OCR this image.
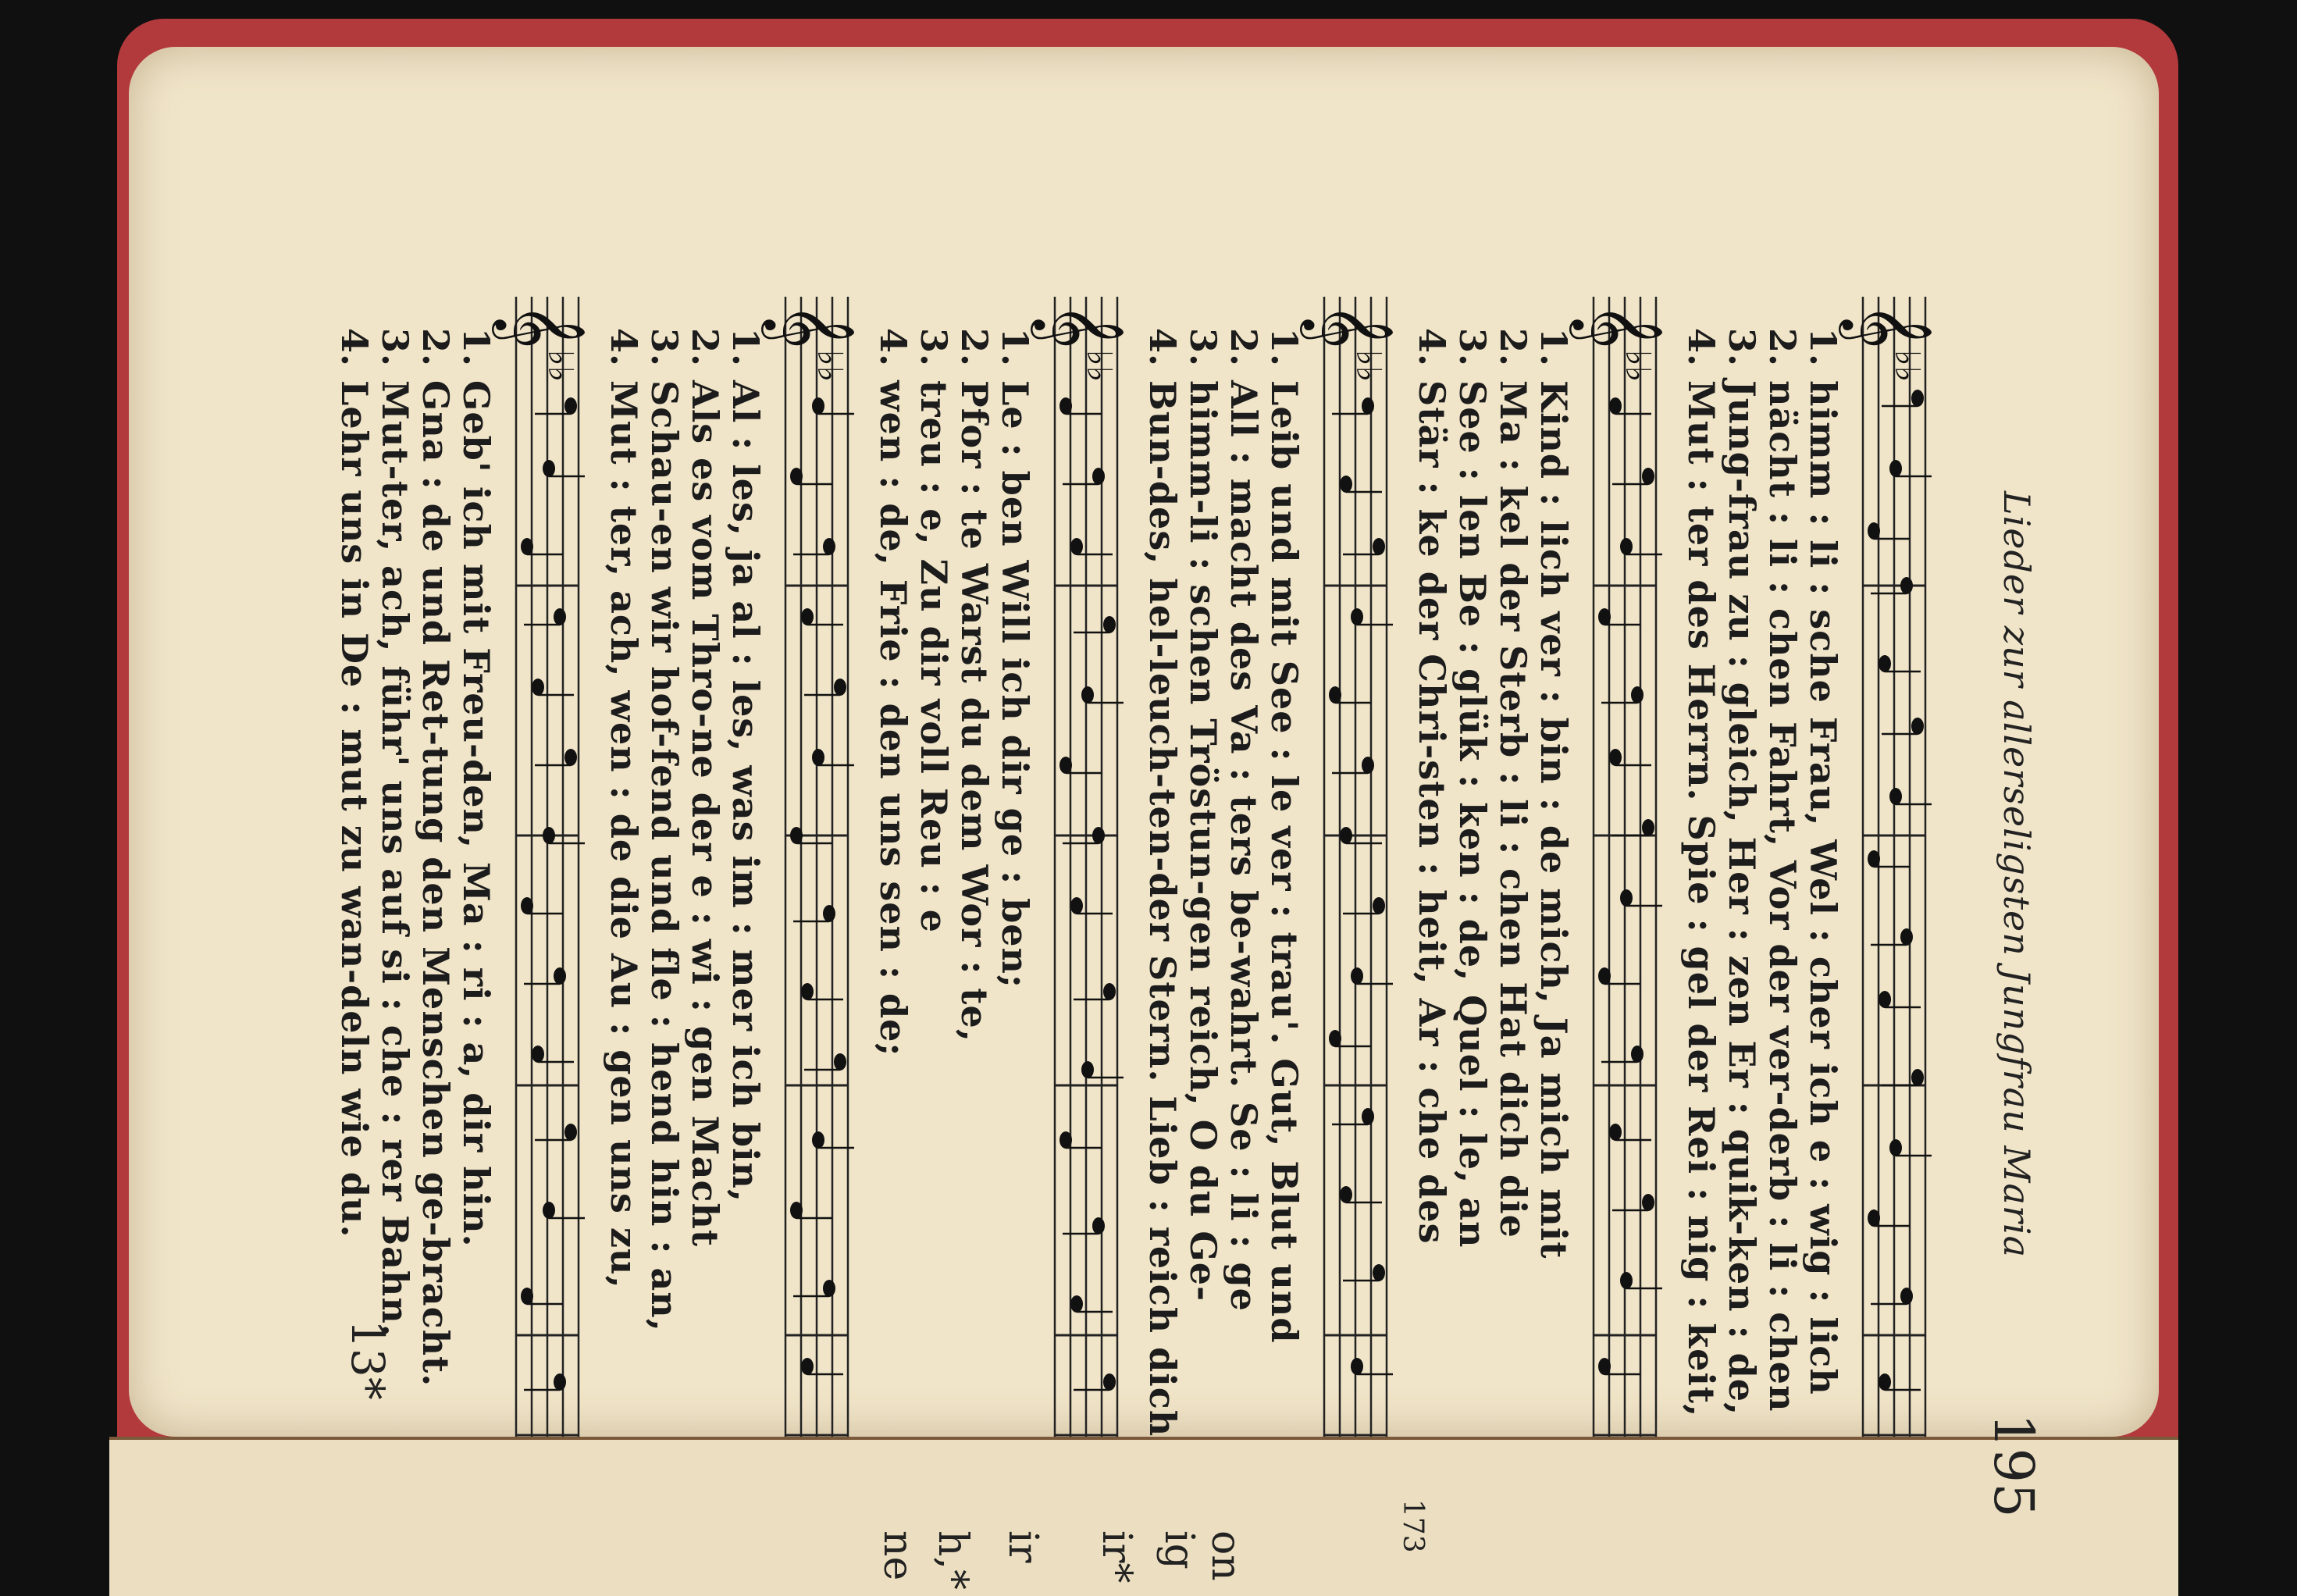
Lieder zur allerseligsten Jungfrau Maria
195
𝄞
♭♭
1. himm : li : sche Frau, Wel : cher ich e : wig : lich
2. nächt : li : chen Fahrt, Vor der ver-derb : li : chen
3. Jung-frau zu : gleich, Her : zen Er : quik-ken : de,
4. Mut : ter des Herrn. Spie : gel der Rei : nig : keit,
𝄞
♭♭
1. Kind : lich ver : bin : de mich, Ja mich mit
2. Ma : kel der Sterb : li : chen Hat dich die
3. See : len Be : glük : ken : de, Quel : le, an
4. Stär : ke der Chri-sten : heit, Ar : che des
𝄞
♭♭
1. Leib und mit See : le ver : trau'. Gut, Blut und
2. All : macht des Va : ters be-wahrt. Se : li : ge
3. himm-li : schen Tröstun-gen reich, O du Ge-
4. Bun-des, hel-leuch-ten-der Stern. Lieb : reich dich
𝄞
♭♭
1. Le : ben Will ich dir ge : ben;
2. Pfor : te Warst du dem Wor : te,
3. treu : e, Zu dir voll Reu : e
4. wen : de, Frie : den uns sen : de;
𝄞
♭♭
1. Al : les, ja al : les, was im : mer ich bin,
2. Als es vom Thro-ne der e : wi : gen Macht
3. Schau-en wir hof-fend und fle : hend hin : an,
4. Mut : ter, ach, wen : de die Au : gen uns zu,
𝄞
♭♭
1. Geb' ich mit Freu-den, Ma : ri : a, dir hin.
2. Gna : de und Ret-tung den Menschen ge-bracht.
3. Mut-ter, ach, führ' uns auf si : che : rer Bahn.
4. Lehr uns in De : mut zu wan-deln wie du.
13*
173
ne h,* ir ir* ig on
